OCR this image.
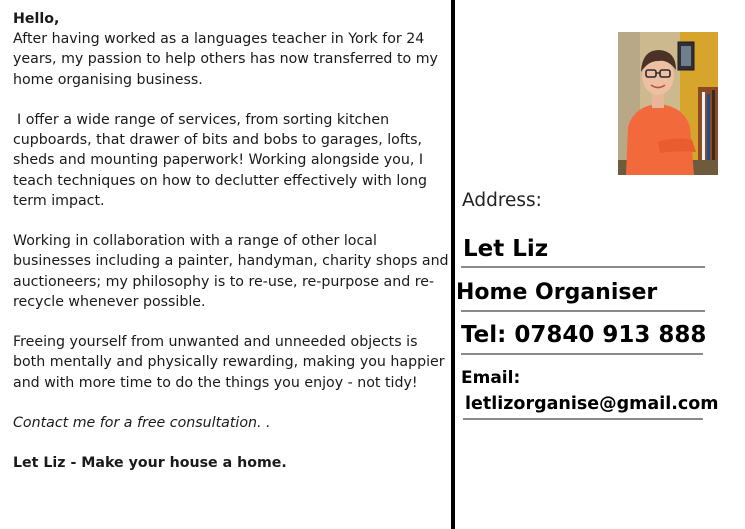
Hello,

After having worked as a languages teacher in York for 24 years, my passion to help others has now transferred to my home organising business.

I offer a wide range of services, from sorting kitchen cupboards, that drawer of bits and bobs to garages, lofts, sheds and mounting paperwork! Working alongside you, I teach techniques on how to declutter effectively with long term impact.

Working in collaboration with a range of other local businesses including a painter, handyman, charity shops and auctioneers; my philosophy is to re-use, re-purpose and re-recycle whenever possible.

Freeing yourself from unwanted and unneeded objects is both mentally and physically rewarding, making you happier and with more time to do the things you enjoy - not tidy!

Contact me for a free consultation. .

Let Liz - Make your house a home.

Address:
Let Liz
Home Organiser
Tel: 07840 913 888
Email:
letlizorganise@gmail.com
